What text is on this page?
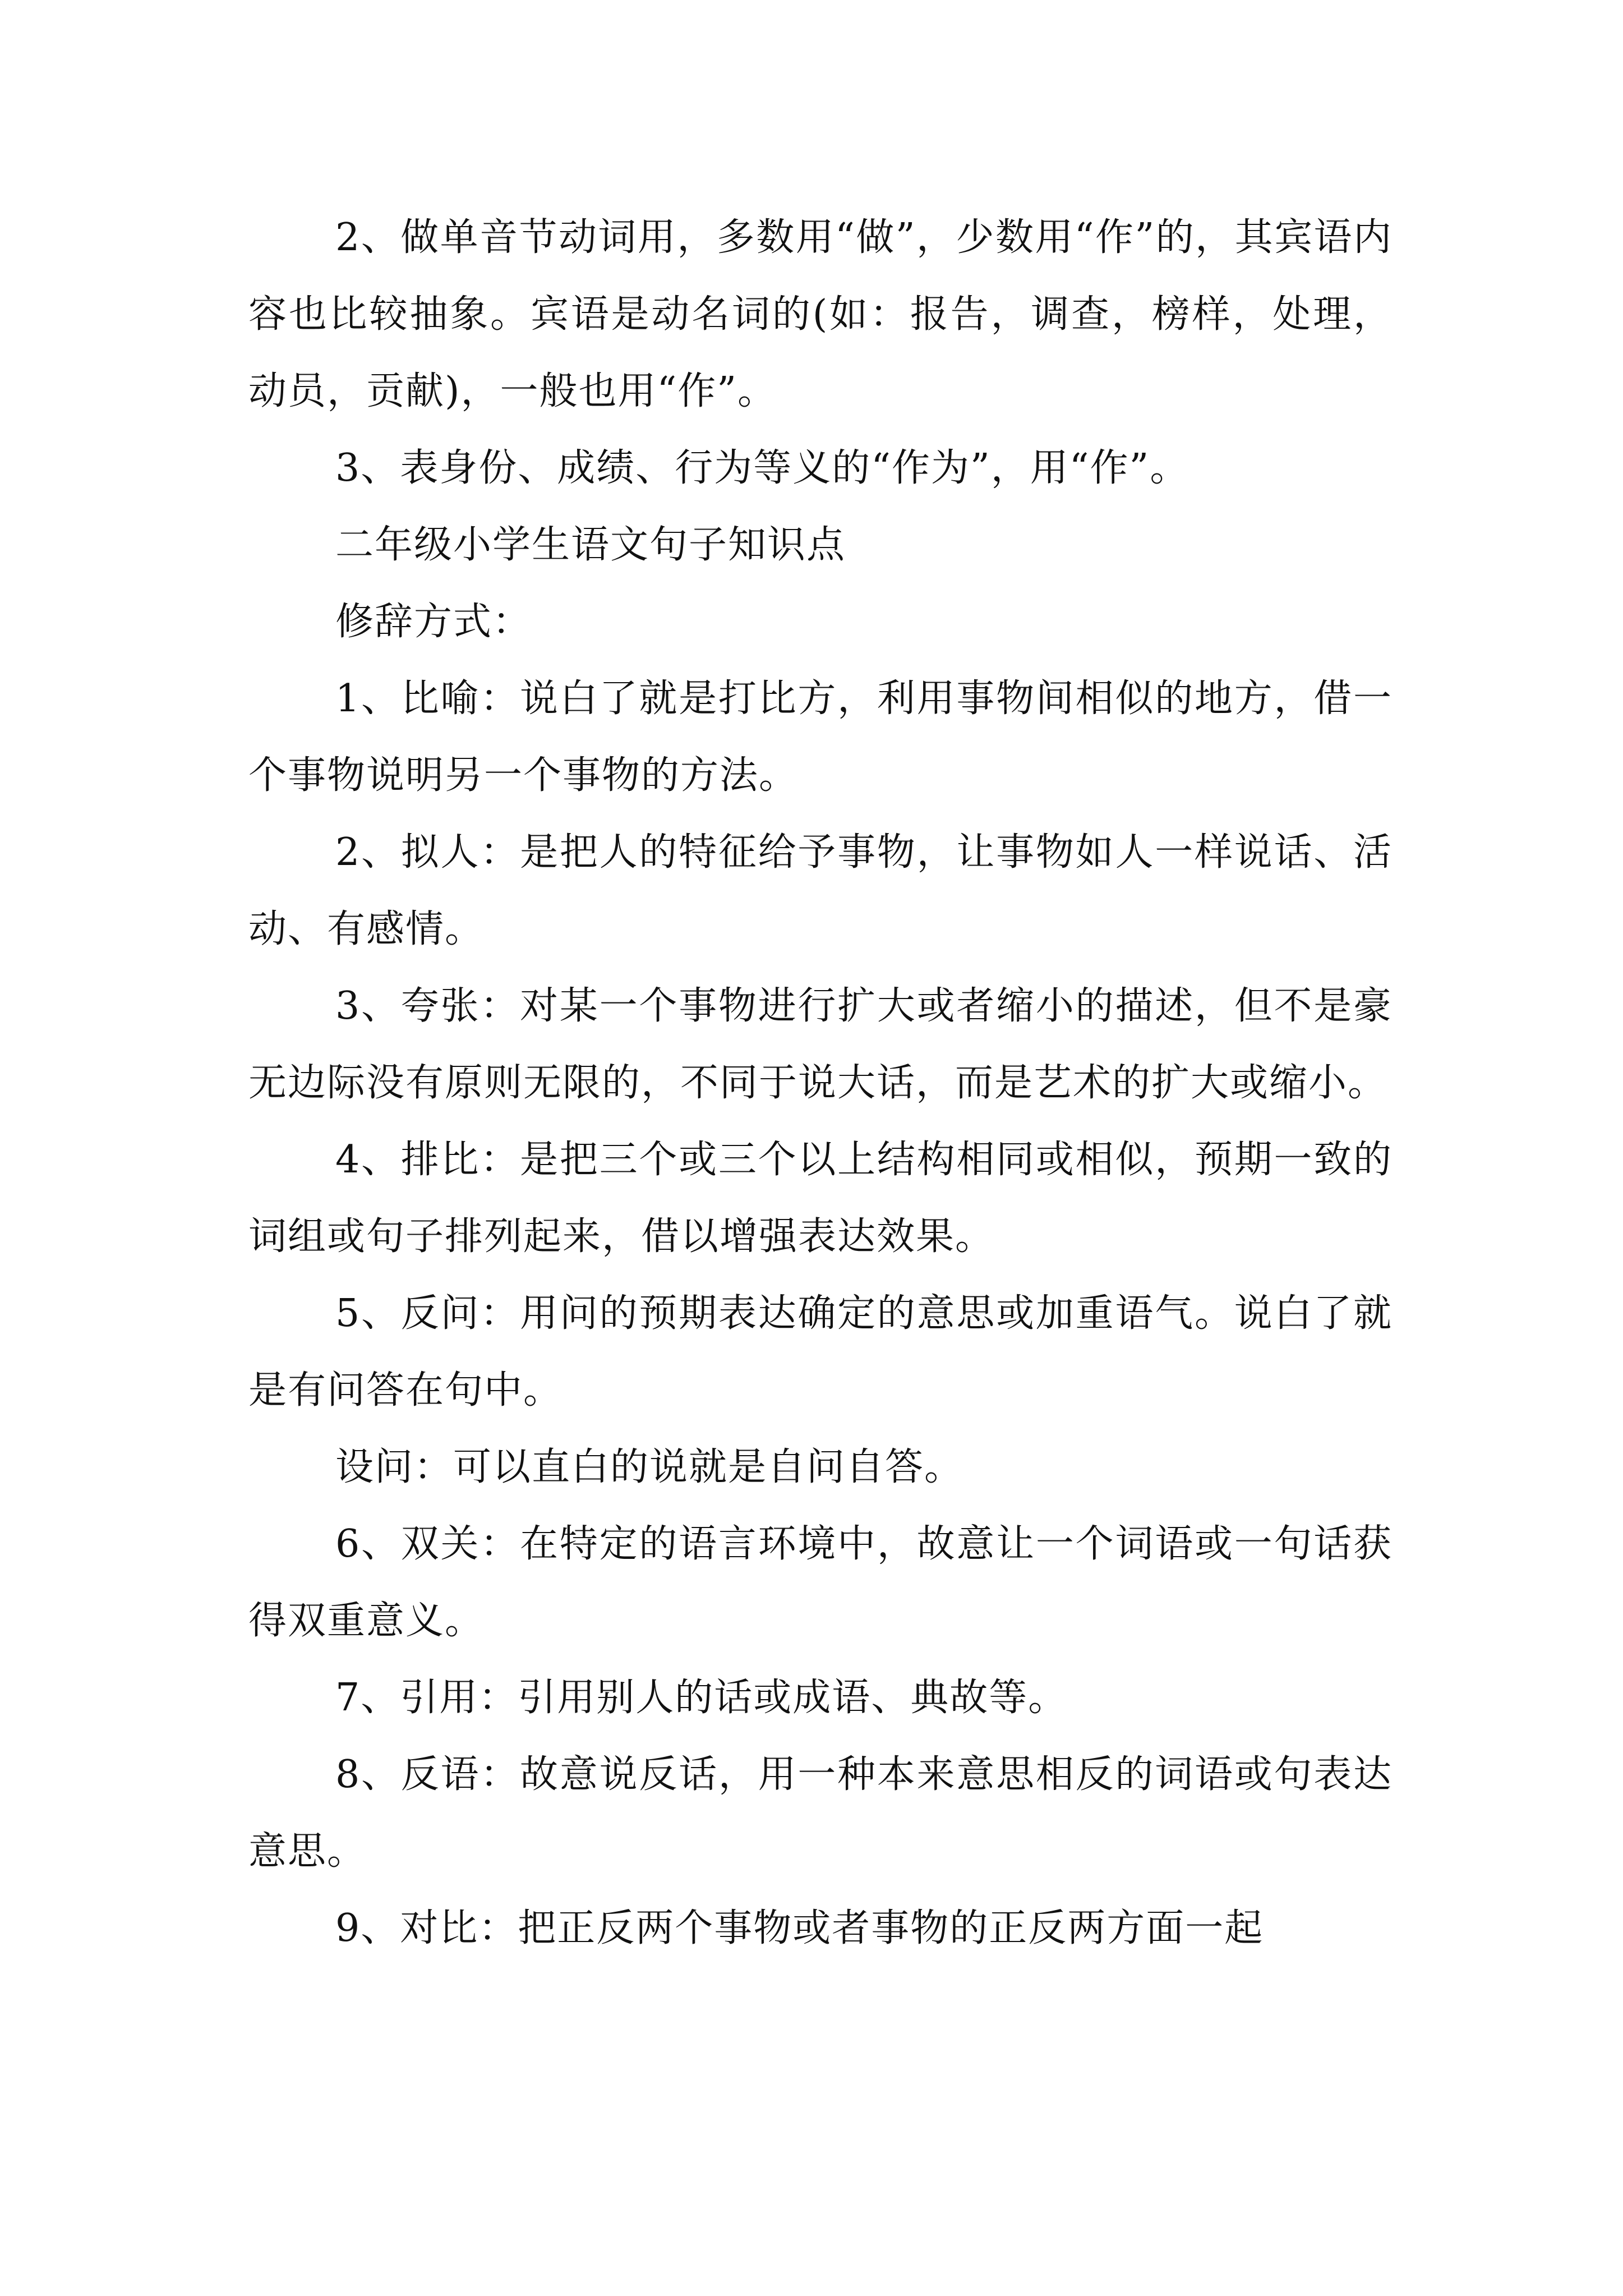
2、做单音节动词用，多数用“做”，少数用“作”的，其宾语内容也比较抽象。宾语是动名词的(如：报告，调查，榜样，处理，动员，贡献)，一般也用“作”。

3、表身份、成绩、行为等义的“作为”，用“作”。

二年级小学生语文句子知识点

修辞方式：

1、比喻：说白了就是打比方，利用事物间相似的地方，借一个事物说明另一个事物的方法。

2、拟人：是把人的特征给予事物，让事物如人一样说话、活动、有感情。

3、夸张：对某一个事物进行扩大或者缩小的描述，但不是豪无边际没有原则无限的，不同于说大话，而是艺术的扩大或缩小。

4、排比：是把三个或三个以上结构相同或相似，预期一致的词组或句子排列起来，借以增强表达效果。

5、反问：用问的预期表达确定的意思或加重语气。说白了就是有问答在句中。

设问：可以直白的说就是自问自答。

6、双关：在特定的语言环境中，故意让一个词语或一句话获得双重意义。

7、引用：引用别人的话或成语、典故等。

8、反语：故意说反话，用一种本来意思相反的词语或句表达意思。

9、对比：把正反两个事物或者事物的正反两方面一起
